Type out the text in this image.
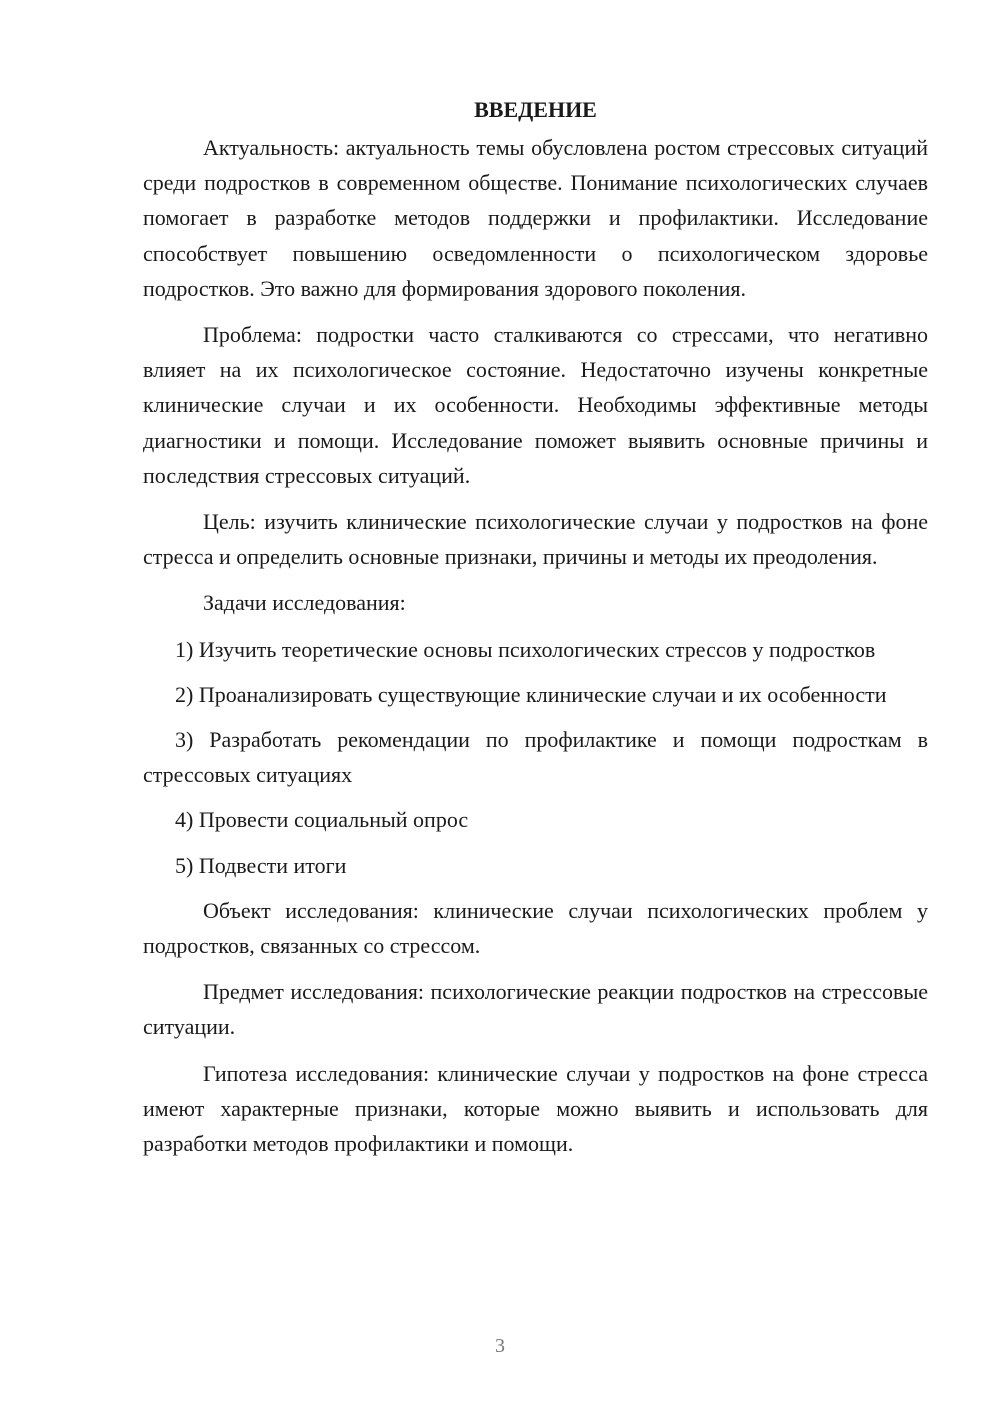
ВВЕДЕНИЕ

Актуальность: актуальность темы обусловлена ростом стрессовых ситуаций среди подростков в современном обществе. Понимание психологических случаев помогает в разработке методов поддержки и профилактики. Исследование способствует повышению осведомленности о психологическом здоровье подростков. Это важно для формирования здорового поколения.

Проблема: подростки часто сталкиваются со стрессами, что негативно влияет на их психологическое состояние. Недостаточно изучены конкретные клинические случаи и их особенности. Необходимы эффективные методы диагностики и помощи. Исследование поможет выявить основные причины и последствия стрессовых ситуаций.

Цель: изучить клинические психологические случаи у подростков на фоне стресса и определить основные признаки, причины и методы их преодоления.

Задачи исследования:

1) Изучить теоретические основы психологических стрессов у подростков

2) Проанализировать существующие клинические случаи и их особенности

3) Разработать рекомендации по профилактике и помощи подросткам в стрессовых ситуациях

4) Провести социальный опрос

5) Подвести итоги

Объект исследования: клинические случаи психологических проблем у подростков, связанных со стрессом.

Предмет исследования: психологические реакции подростков на стрессовые ситуации.

Гипотеза исследования: клинические случаи у подростков на фоне стресса имеют характерные признаки, которые можно выявить и использовать для разработки методов профилактики и помощи.

3
